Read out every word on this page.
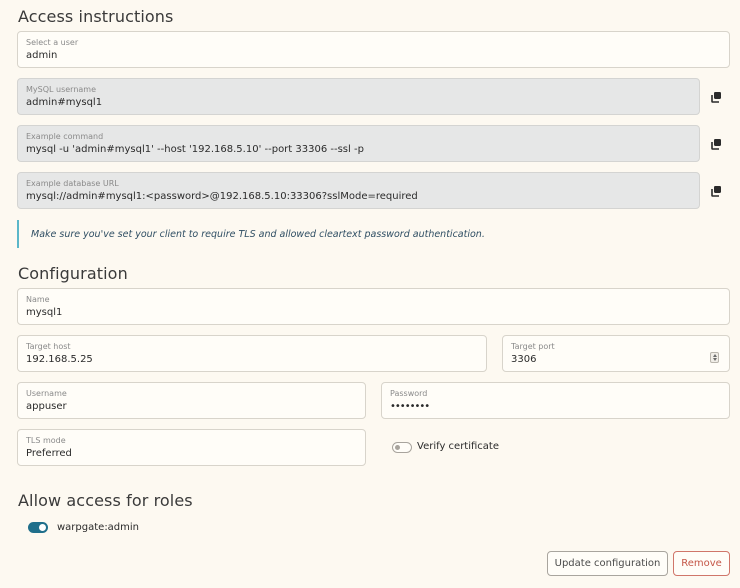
Access instructions
Select a user
admin
MySQL username
admin#mysql1
Example command
mysql -u 'admin#mysql1' --host '192.168.5.10' --port 33306 --ssl -p
Example database URL
mysql://admin#mysql1:<password>@192.168.5.10:33306?sslMode=required
Make sure you've set your client to require TLS and allowed cleartext password authentication.
Configuration
Name
mysql1
Target host
192.168.5.25
Target port
3306
Username
appuser
Password
••••••••
TLS mode
Preferred
Verify certificate
Allow access for roles
warpgate:admin
Update configuration	Remove
